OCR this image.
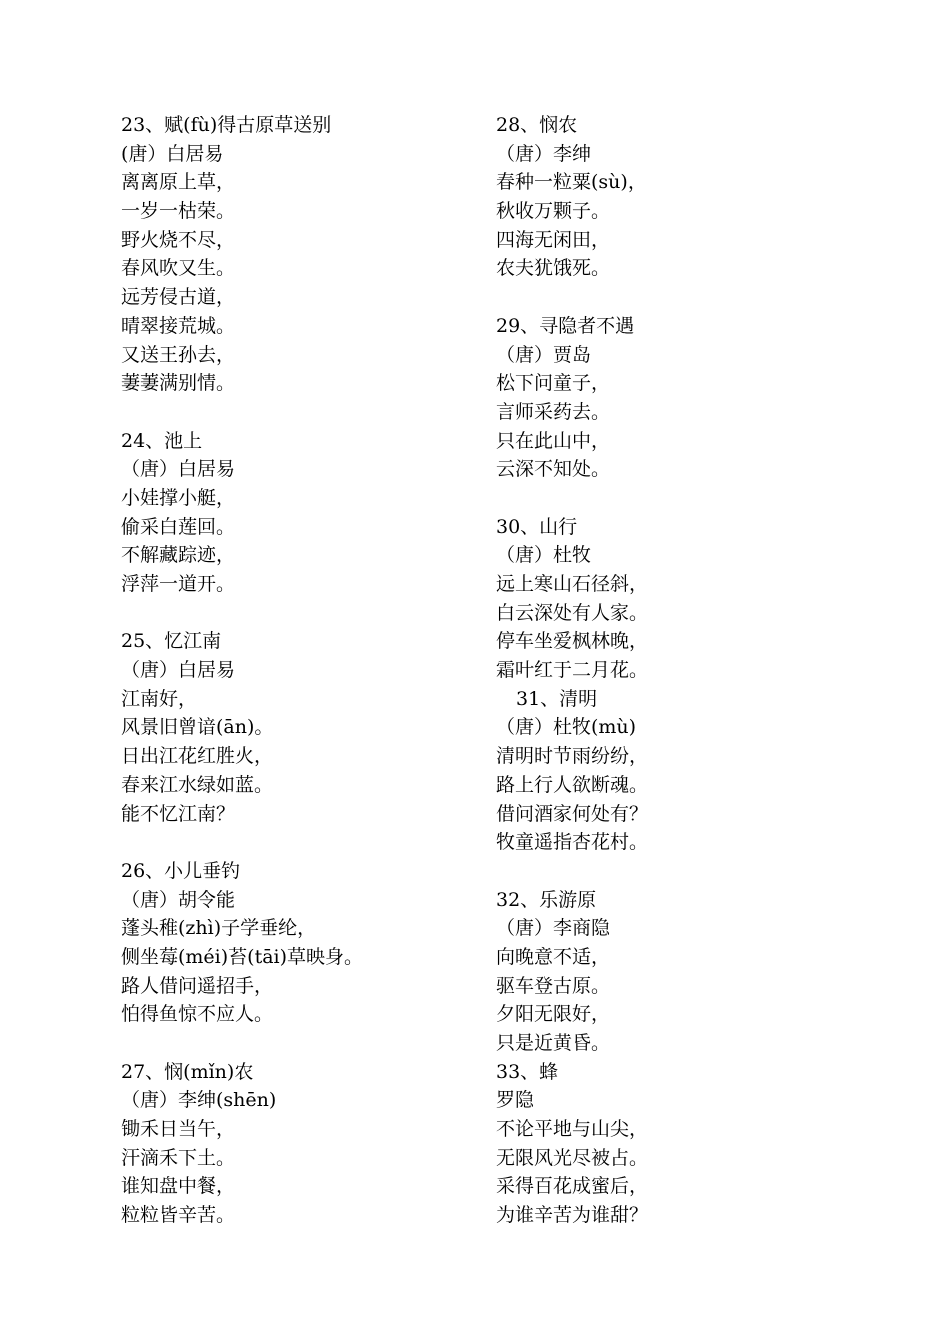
23、赋(fù)得古原草送别
(唐）白居易
离离原上草，
一岁一枯荣。
野火烧不尽，
春风吹又生。
远芳侵古道，
晴翠接荒城。
又送王孙去，
萋萋满别情。
24、池上
（唐）白居易
小娃撑小艇，
偷采白莲回。
不解藏踪迹，
浮萍一道开。
25、忆江南
（唐）白居易
江南好，
风景旧曾谙(ān)。
日出江花红胜火，
春来江水绿如蓝。
能不忆江南？
26、小儿垂钓
（唐）胡令能
蓬头稚(zhì)子学垂纶，
侧坐莓(méi)苔(tāi)草映身。
路人借问遥招手，
怕得鱼惊不应人。
27、悯(mǐn)农
（唐）李绅(shēn)
锄禾日当午，
汗滴禾下土。
谁知盘中餐，
粒粒皆辛苦。
28、悯农
（唐）李绅
春种一粒粟(sù)，
秋收万颗子。
四海无闲田，
农夫犹饿死。
29、寻隐者不遇
（唐）贾岛
松下问童子，
言师采药去。
只在此山中，
云深不知处。
30、山行
（唐）杜牧
远上寒山石径斜，
白云深处有人家。
停车坐爱枫林晚，
霜叶红于二月花。
31、清明
（唐）杜牧(mù)
清明时节雨纷纷，
路上行人欲断魂。
借问酒家何处有？
牧童遥指杏花村。
32、乐游原
（唐）李商隐
向晚意不适，
驱车登古原。
夕阳无限好，
只是近黄昏。
33、蜂
罗隐
不论平地与山尖，
无限风光尽被占。
采得百花成蜜后，
为谁辛苦为谁甜？
